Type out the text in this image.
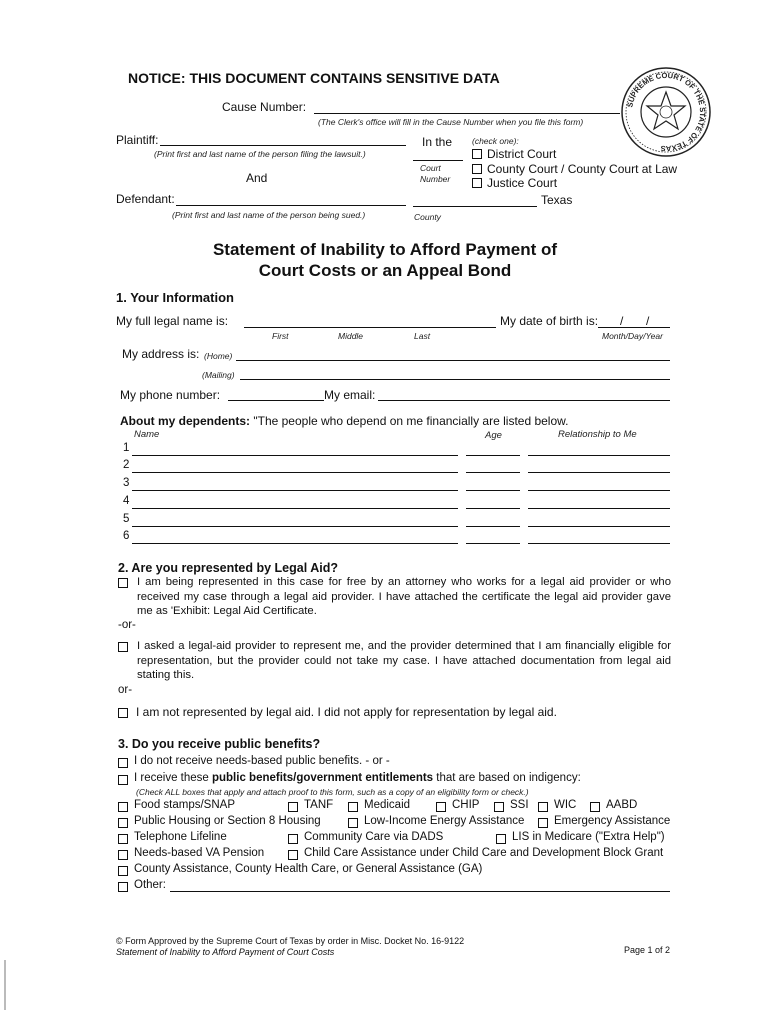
NOTICE: THIS DOCUMENT CONTAINS SENSITIVE DATA
Cause Number:
(The Clerk's office will fill in the Cause Number when you file this form)
Plaintiff:
(Print first and last name of the person filing the lawsuit.)
And
Defendant:
(Print first and last name of the person being sued.)
In the (check one):
Court Number
District Court
County Court / County Court at Law
Justice Court
Texas
County
SUPREME COURT OF THE STATE OF TEXAS
Statement of Inability to Afford Payment of
Court Costs or an Appeal Bond
1. Your Information
My full legal name is:
First	Middle	Last
My date of birth is: / /
Month/Day/Year
My address is: (Home)
(Mailing)
My phone number:	My email:
About my dependents: "The people who depend on me financially are listed below.
Name	Age	Relationship to Me
1
2
3
4
5
6
2. Are you represented by Legal Aid?
I am being represented in this case for free by an attorney who works for a legal aid provider or who received my case through a legal aid provider. I have attached the certificate the legal aid provider gave me as 'Exhibit: Legal Aid Certificate.
-or-
I asked a legal-aid provider to represent me, and the provider determined that I am financially eligible for representation, but the provider could not take my case. I have attached documentation from legal aid stating this.
or-
I am not represented by legal aid. I did not apply for representation by legal aid.
3. Do you receive public benefits?
I do not receive needs-based public benefits. - or -
I receive these public benefits/government entitlements that are based on indigency:
(Check ALL boxes that apply and attach proof to this form, such as a copy of an eligibility form or check.)
Food stamps/SNAP	TANF	Medicaid	CHIP	SSI WIC	AABD
Public Housing or Section 8 Housing	Low-Income Energy Assistance	Emergency Assistance
Telephone Lifeline	Community Care via DADS	LIS in Medicare ("Extra Help")
Needs-based VA Pension	Child Care Assistance under Child Care and Development Block Grant
County Assistance, County Health Care, or General Assistance (GA)
Other:
© Form Approved by the Supreme Court of Texas by order in Misc. Docket No. 16-9122
Statement of Inability to Afford Payment of Court Costs	Page 1 of 2
